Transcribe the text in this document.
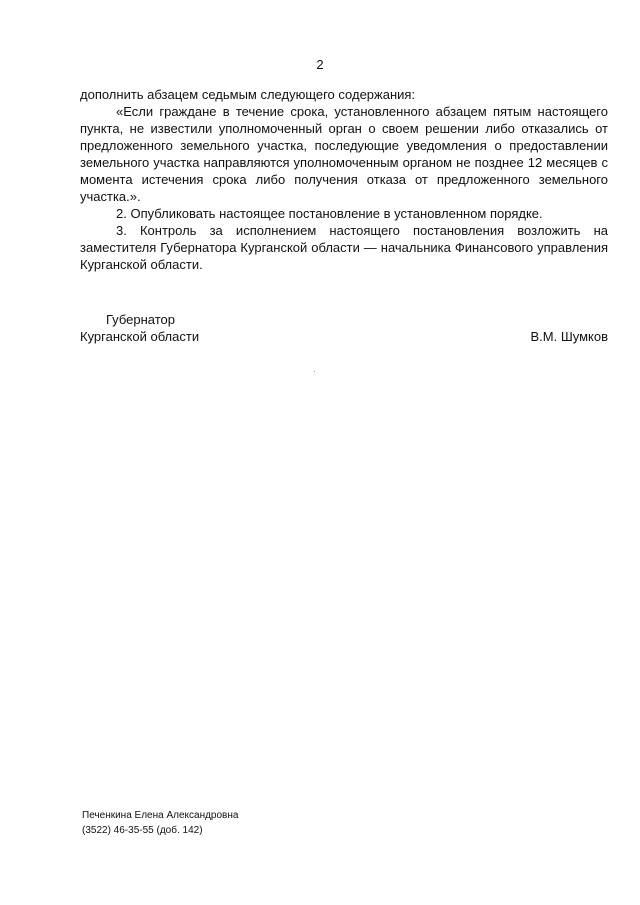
2

дополнить абзацем седьмым следующего содержания:

«Если граждане в течение срока, установленного абзацем пятым настоящего пункта, не известили уполномоченный орган о своем решении либо отказались от предложенного земельного участка, последующие уведомления о предоставлении земельного участка направляются уполномоченным органом не позднее 12 месяцев с момента истечения срока либо получения отказа от предложенного земельного участка.».

2. Опубликовать настоящее постановление в установленном порядке.

3. Контроль за исполнением настоящего постановления возложить на заместителя Губернатора Курганской области — начальника Финансового управления Курганской области.

Губернатор
Курганской области	В.М. Шумков
Печенкина Елена Александровна
(3522) 46-35-55 (доб. 142)
